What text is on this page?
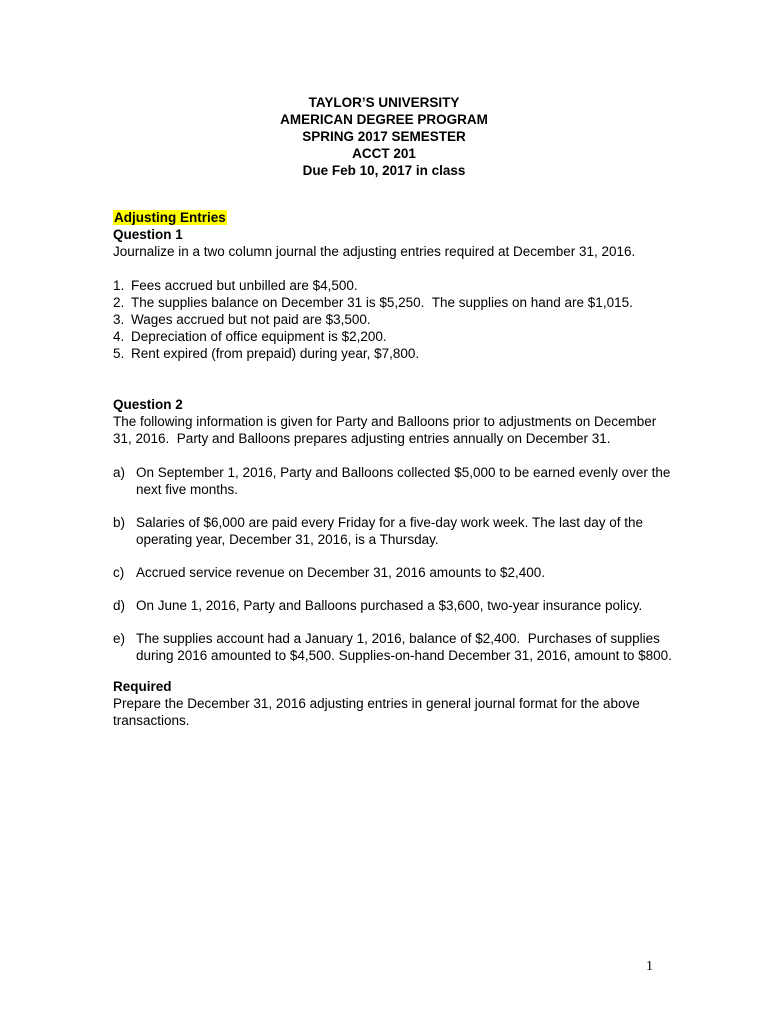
TAYLOR’S UNIVERSITY
AMERICAN DEGREE PROGRAM
SPRING 2017 SEMESTER
ACCT 201
Due Feb 10, 2017 in class
Adjusting Entries
Question 1
Journalize in a two column journal the adjusting entries required at December 31, 2016.
1. Fees accrued but unbilled are $4,500.
2. The supplies balance on December 31 is $5,250.  The supplies on hand are $1,015.
3. Wages accrued but not paid are $3,500.
4. Depreciation of office equipment is $2,200.
5. Rent expired (from prepaid) during year, $7,800.
Question 2
The following information is given for Party and Balloons prior to adjustments on December 31, 2016.  Party and Balloons prepares adjusting entries annually on December 31.
a) On September 1, 2016, Party and Balloons collected $5,000 to be earned evenly over the next five months.
b) Salaries of $6,000 are paid every Friday for a five-day work week. The last day of the operating year, December 31, 2016, is a Thursday.
c) Accrued service revenue on December 31, 2016 amounts to $2,400.
d) On June 1, 2016, Party and Balloons purchased a $3,600, two-year insurance policy.
e) The supplies account had a January 1, 2016, balance of $2,400.  Purchases of supplies during 2016 amounted to $4,500. Supplies-on-hand December 31, 2016, amount to $800.
Required
Prepare the December 31, 2016 adjusting entries in general journal format for the above transactions.
1
